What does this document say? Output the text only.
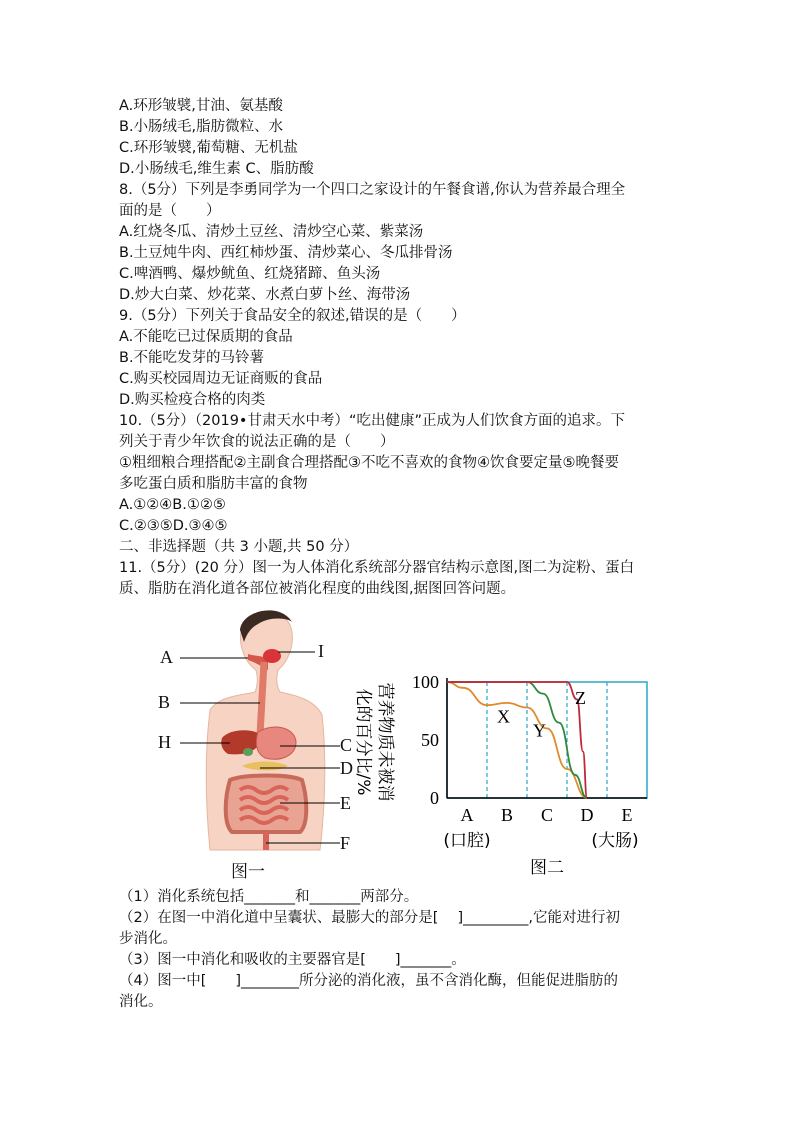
A.环形皱襞,甘油、氨基酸
B.小肠绒毛,脂肪微粒、水
C.环形皱襞,葡萄糖、无机盐
D.小肠绒毛,维生素 C、脂肪酸
8.（5分）下列是李勇同学为一个四口之家设计的午餐食谱,你认为营养最合理全
面的是（　　）
A.红烧冬瓜、清炒土豆丝、清炒空心菜、紫菜汤
B.土豆炖牛肉、西红柿炒蛋、清炒菜心、冬瓜排骨汤
C.啤酒鸭、爆炒鱿鱼、红烧猪蹄、鱼头汤
D.炒大白菜、炒花菜、水煮白萝卜丝、海带汤
9.（5分）下列关于食品安全的叙述,错误的是（　　）
A.不能吃已过保质期的食品
B.不能吃发芽的马铃薯
C.购买校园周边无证商贩的食品
D.购买检疫合格的肉类
10.（5分）（2019•甘肃天水中考）“吃出健康”正成为人们饮食方面的追求。下
列关于青少年饮食的说法正确的是（　　）
①粗细粮合理搭配②主副食合理搭配③不吃不喜欢的食物④饮食要定量⑤晚餐要
多吃蛋白质和脂肪丰富的食物
A.①②④B.①②⑤
C.②③⑤D.③④⑤
二、非选择题（共 3 小题,共 50 分）
11.（5分）(20 分）图一为人体消化系统部分器官结构示意图,图二为淀粉、蛋白
质、脂肪在消化道各部位被消化程度的曲线图,据图回答问题。
（1）消化系统包括_______和_______两部分。
（2）在图一中消化道中呈囊状、最膨大的部分是[　 ]_________,它能对进行初
步消化。
（3）图一中消化和吸收的主要器官是[　　]_______。
（4）图一中[　　]________所分泌的消化液，虽不含消化酶，但能促进脂肪的
消化。
A
B
H
I
C
D
E
F
图一
100
50
0
A B C D E
(口腔)	(大肠)
营养物质未被消
化的百分比/%	X
Y
Z
图二
